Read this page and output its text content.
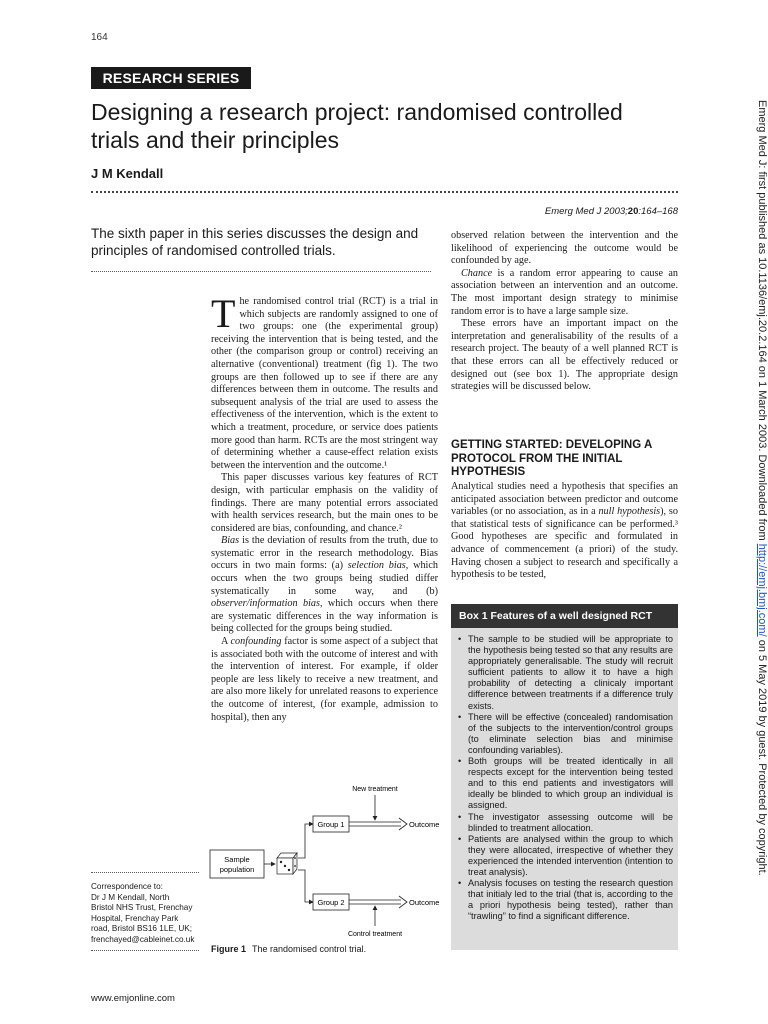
164
RESEARCH SERIES
Designing a research project: randomised controlled trials and their principles
J M Kendall
Emerg Med J 2003;20:164–168
The sixth paper in this series discusses the design and principles of randomised controlled trials.

The randomised control trial (RCT) is a trial in which subjects are randomly assigned to one of two groups: one (the experimental group) receiving the intervention that is being tested, and the other (the comparison group or control) receiving an alternative (conventional) treatment (fig 1). The two groups are then followed up to see if there are any differences between them in outcome. The results and subsequent analysis of the trial are used to assess the effectiveness of the intervention, which is the extent to which a treatment, procedure, or service does patients more good than harm. RCTs are the most stringent way of determining whether a cause-effect relation exists between the intervention and the outcome.¹

This paper discusses various key features of RCT design, with particular emphasis on the validity of findings. There are many potential errors associated with health services research, but the main ones to be considered are bias, confounding, and chance.²

Bias is the deviation of results from the truth, due to systematic error in the research methodology. Bias occurs in two main forms: (a) selection bias, which occurs when the two groups being studied differ systematically in some way, and (b) observer/information bias, which occurs when there are systematic differences in the way information is being collected for the groups being studied.

A confounding factor is some aspect of a subject that is associated both with the outcome of interest and with the intervention of interest. For example, if older people are less likely to receive a new treatment, and are also more likely for unrelated reasons to experience the outcome of interest, (for example, admission to hospital), then any

observed relation between the intervention and the likelihood of experiencing the outcome would be confounded by age.

Chance is a random error appearing to cause an association between an intervention and an outcome. The most important design strategy to minimise random error is to have a large sample size.

These errors have an important impact on the interpretation and generalisability of the results of a research project. The beauty of a well planned RCT is that these errors can all be effectively reduced or designed out (see box 1). The appropriate design strategies will be discussed below.

GETTING STARTED: DEVELOPING A PROTOCOL FROM THE INITIAL HYPOTHESIS

Analytical studies need a hypothesis that specifies an anticipated association between predictor and outcome variables (or no association, as in a null hypothesis), so that statistical tests of significance can be performed.³ Good hypotheses are specific and formulated in advance of commencement (a priori) of the study. Having chosen a subject to research and specifically a hypothesis to be tested,

Box 1 Features of a well designed RCT
• The sample to be studied will be appropriate to the hypothesis being tested so that any results are appropriately generalisable. The study will recruit sufficient patients to allow it to have a high probability of detecting a clinicaly important difference between treatments if a difference truly exists.
• There will be effective (concealed) randomisation of the subjects to the intervention/control groups (to eliminate selection bias and minimise confounding variables).
• Both groups will be treated identically in all respects except for the intervention being tested and to this end patients and investigators will ideally be blinded to which group an individual is assigned.
• The investigator assessing outcome will be blinded to treatment allocation.
• Patients are analysed within the group to which they were allocated, irrespective of whether they experienced the intended intervention (intention to treat analysis).
• Analysis focuses on testing the research question that initialy led to the trial (that is, according to the a priori hypothesis being tested), rather than “trawling” to find a significant difference.
Sample
population
Group 1
Group 2
Outcome
Outcome
New treatment
Control treatment
Figure 1 The randomised control trial.
Correspondence to:
Dr J M Kendall, North
Bristol NHS Trust, Frenchay
Hospital, Frenchay Park
road, Bristol BS16 1LE, UK;
frenchayed@cableinet.co.uk
Emerg Med J: first published as 10.1136/emj.20.2.164 on 1 March 2003. Downloaded from http://emj.bmj.com/ on 5 May 2019 by guest. Protected by copyright.
www.emjonline.com
